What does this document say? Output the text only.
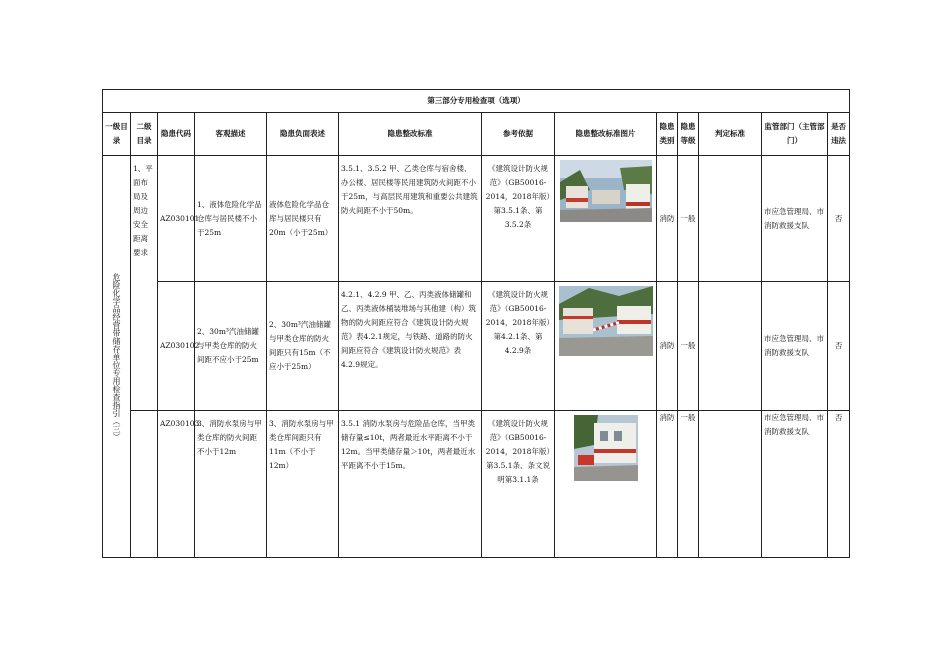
第三部分专用检查项（选项）												
一级目录	二级目录	隐患代码	客观描述	隐患负面表述	隐患整改标准	参考依据	隐患整改标准图片	隐患类别	隐患等级	判定标准	监管部门（主管部门）	是否违法

危险化学品经营带储存单位专用检查指引（三）	1、平面布局及周边安全距离要求	AZ030101	1、液体危险化学品仓库与居民楼不小于25m	液体危险化学品仓库与居民楼只有20m（小于25m）	3.5.1、3.5.2 甲、乙类仓库与宿舍楼、办公楼、居民楼等民用建筑防火间距不小于25m，与高层民用建筑和重要公共建筑防火间距不小于50m。	《建筑设计防火规范》（GB50016-2014，2018年版）第3.5.1条、第3.5.2条		消防	一般		市应急管理局、市消防救援支队	否
		AZ030102	2、30m³汽油储罐与甲类仓库的防火间距不应小于25m	2、30m³汽油储罐与甲类仓库的防火间距只有15m（不应小于25m）	4.2.1、4.2.9 甲、乙、丙类液体储罐和乙、丙类液体桶装堆场与其他建（构）筑物的防火间距应符合《建筑设计防火规范》表4.2.1规定，与铁路、道路的防火间距应符合《建筑设计防火规范》表4.2.9规定。	《建筑设计防火规范》（GB50016-2014，2018年版）第4.2.1条、第4.2.9条		消防	一般		市应急管理局、市消防救援支队	否
		AZ030103	3、消防水泵房与甲类仓库的防火间距不小于12m	3、消防水泵房与甲类仓库间距只有11m（不小于12m）	3.5.1 消防水泵房与危险品仓库，当甲类储存量≤10t，两者最近水平距离不小于12m。当甲类储存量＞10t，两者最近水平距离不小于15m。	《建筑设计防火规范》（GB50016-2014，2018年版）第3.5.1条、条文说明第3.1.1条		消防	一般		市应急管理局、市消防救援支队	否
